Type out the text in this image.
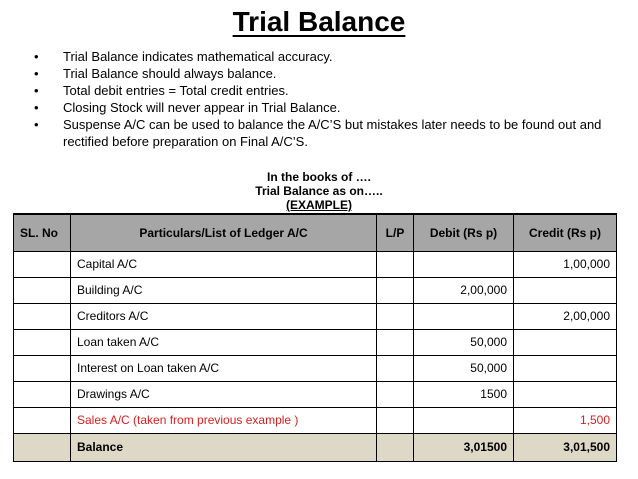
Trial Balance
• Trial Balance indicates mathematical accuracy.
• Trial Balance should always balance.
• Total debit entries = Total credit entries.
• Closing Stock will never appear in Trial Balance.
• Suspense A/C can be used to balance the A/C’S but mistakes later needs to be found out and rectified before preparation on Final A/C’S.
In the books of ….
Trial Balance as on…..
(EXAMPLE)
SL. No	Particulars/List of Ledger A/C	L/P	Debit (Rs p)	Credit (Rs p)
	Capital A/C			1,00,000
	Building A/C		2,00,000	
	Creditors A/C			2,00,000
	Loan taken A/C		50,000	
	Interest on Loan taken A/C		50,000	
	Drawings A/C		1500	
	Sales A/C (taken from previous example )			1,500
	Balance		3,01500	3,01,500
